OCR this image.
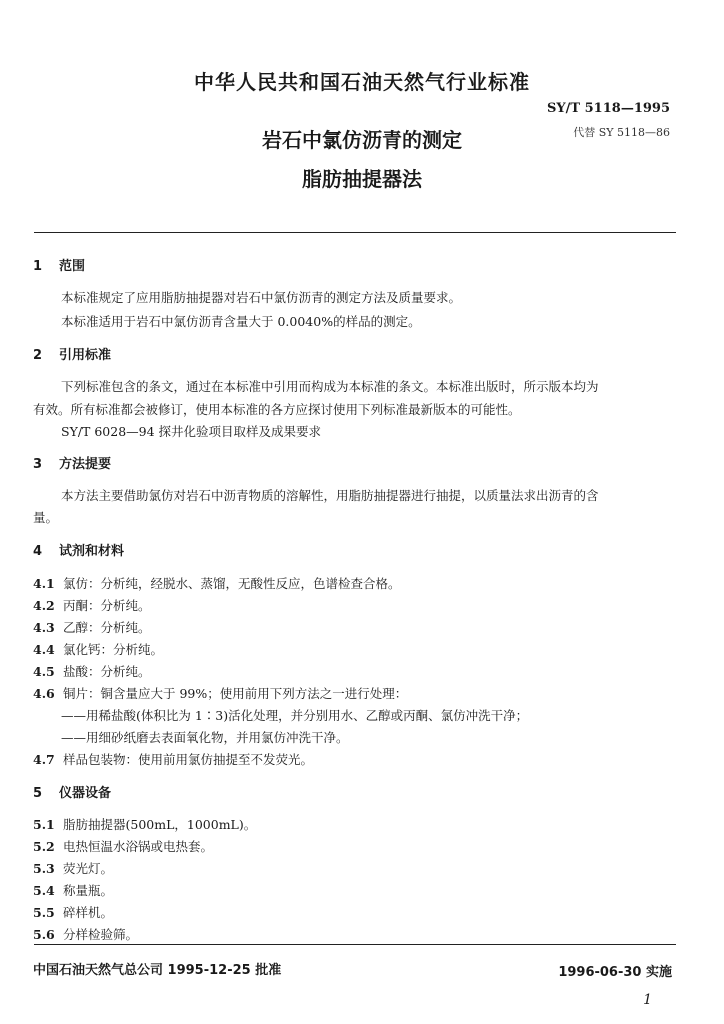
中华人民共和国石油天然气行业标准
SY/T 5118—1995
代替 SY 5118—86
岩石中氯仿沥青的测定
脂肪抽提器法
1 范围
本标准规定了应用脂肪抽提器对岩石中氯仿沥青的测定方法及质量要求。
本标准适用于岩石中氯仿沥青含量大于 0.0040%的样品的测定。
2 引用标准
下列标准包含的条文，通过在本标准中引用而构成为本标准的条文。本标准出版时，所示版本均为
有效。所有标准都会被修订，使用本标准的各方应探讨使用下列标准最新版本的可能性。
SY/T 6028—94 探井化验项目取样及成果要求
3 方法提要
本方法主要借助氯仿对岩石中沥青物质的溶解性，用脂肪抽提器进行抽提，以质量法求出沥青的含
量。
4 试剂和材料
4.1 氯仿：分析纯，经脱水、蒸馏，无酸性反应，色谱检查合格。
4.2 丙酮：分析纯。
4.3 乙醇：分析纯。
4.4 氯化钙：分析纯。
4.5 盐酸：分析纯。
4.6 铜片：铜含量应大于 99%；使用前用下列方法之一进行处理：
——用稀盐酸(体积比为 1∶3)活化处理，并分别用水、乙醇或丙酮、氯仿冲洗干净；
——用细砂纸磨去表面氧化物，并用氯仿冲洗干净。
4.7 样品包装物：使用前用氯仿抽提至不发荧光。
5 仪器设备
5.1 脂肪抽提器(500mL，1000mL)。
5.2 电热恒温水浴锅或电热套。
5.3 荧光灯。
5.4 称量瓶。
5.5 碎样机。
5.6 分样检验筛。
中国石油天然气总公司 1995-12-25 批准	1996-06-30 实施
1
